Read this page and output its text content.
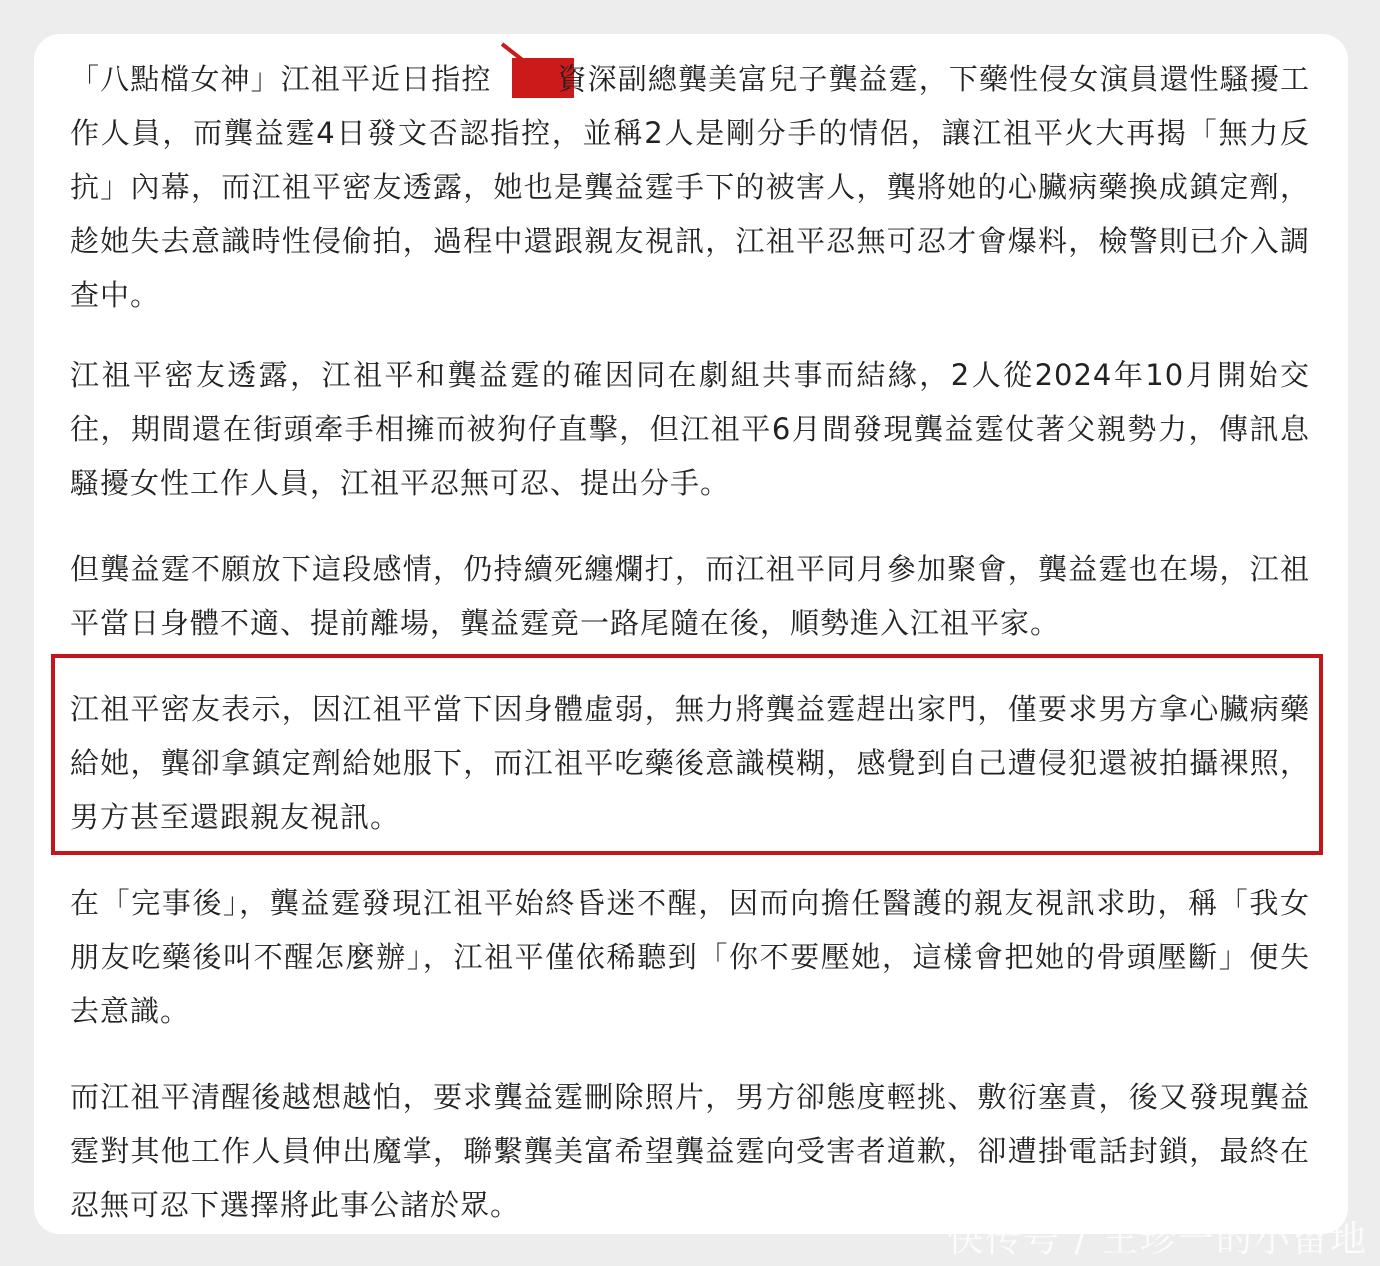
「八點檔女神」江祖平近日指控 資深副總龔美富兒子龔益霆，下藥性侵女演員還性騷擾工作人員，而龔益霆4日發文否認指控，並稱2人是剛分手的情侶，讓江祖平火大再揭「無力反抗」內幕，而江祖平密友透露，她也是龔益霆手下的被害人，龔將她的心臟病藥換成鎮定劑，趁她失去意識時性侵偷拍，過程中還跟親友視訊，江祖平忍無可忍才會爆料，檢警則已介入調查中。

江祖平密友透露，江祖平和龔益霆的確因同在劇組共事而結緣，2人從2024年10月開始交往，期間還在街頭牽手相擁而被狗仔直擊，但江祖平6月間發現龔益霆仗著父親勢力，傳訊息騷擾女性工作人員，江祖平忍無可忍、提出分手。

但龔益霆不願放下這段感情，仍持續死纏爛打，而江祖平同月參加聚會，龔益霆也在場，江祖平當日身體不適、提前離場，龔益霆竟一路尾隨在後，順勢進入江祖平家。

江祖平密友表示，因江祖平當下因身體虛弱，無力將龔益霆趕出家門，僅要求男方拿心臟病藥給她，龔卻拿鎮定劑給她服下，而江祖平吃藥後意識模糊，感覺到自己遭侵犯還被拍攝裸照，男方甚至還跟親友視訊。

在「完事後」，龔益霆發現江祖平始終昏迷不醒，因而向擔任醫護的親友視訊求助，稱「我女朋友吃藥後叫不醒怎麼辦」，江祖平僅依稀聽到「你不要壓她，這樣會把她的骨頭壓斷」便失去意識。

而江祖平清醒後越想越怕，要求龔益霆刪除照片，男方卻態度輕挑、敷衍塞責，後又發現龔益霆對其他工作人員伸出魔掌，聯繫龔美富希望龔益霆向受害者道歉，卻遭掛電話封鎖，最終在忍無可忍下選擇將此事公諸於眾。

快传号 / 王珍一的小留地
